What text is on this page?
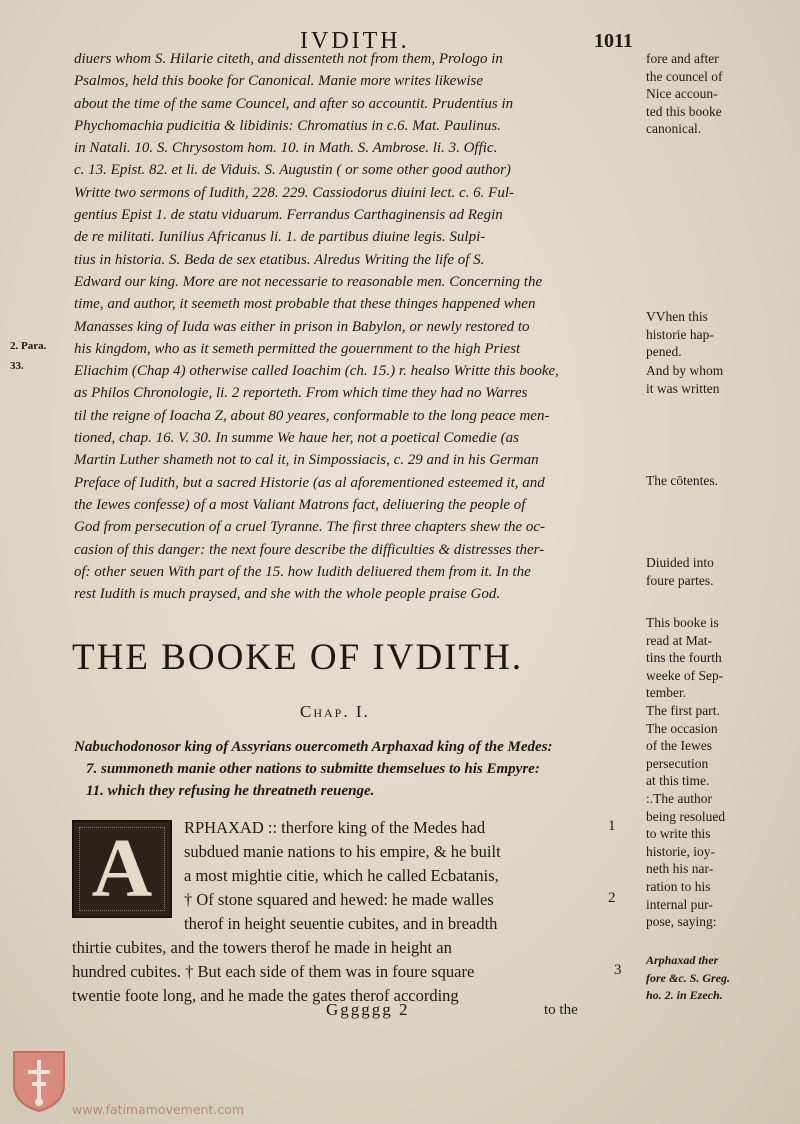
IVDITH.	1011
diuers whom S. Hilarie citeth, and dissenteth not from them, Prologo in
Psalmos, held this booke for Canonical. Manie more writes likewise
about the time of the same Councel, and after so accountit. Prudentius in
Phychomachia pudicitia & libidinis: Chromatius in c.6. Mat. Paulinus.
in Natali. 10. S. Chrysostom hom. 10. in Math. S. Ambrose. li. 3. Offic.
c. 13. Epist. 82. et li. de Viduis. S. Augustin ( or some other good author)
Writte two sermons of Iudith, 228. 229. Cassiodorus diuini lect. c. 6. Ful-
gentius Epist 1. de statu viduarum. Ferrandus Carthaginensis ad Regin
de re militati. Iunilius Africanus li. 1. de partibus diuine legis. Sulpi-
tius in historia. S. Beda de sex etatibus. Alredus Writing the life of S.
Edward our king. More are not necessarie to reasonable men. Concerning the
time, and author, it seemeth most probable that these thinges happened when
Manasses king of Iuda was either in prison in Babylon, or newly restored to
his kingdom, who as it semeth permitted the gouernment to the high Priest
Eliachim (Chap 4) otherwise called Ioachim (ch. 15.) r. healso Writte this booke,
as Philos Chronologie, li. 2 reporteth. From which time they had no Warres
til the reigne of Ioacha Z, about 80 yeares, conformable to the long peace men-
tioned, chap. 16. V. 30. In summe We haue her, not a poetical Comedie (as
Martin Luther shameth not to cal it, in Simpossiacis, c. 29 and in his German
Preface of Iudith, but a sacred Historie (as al aforementioned esteemed it, and
the Iewes confesse) of a most Valiant Matrons fact, deliuering the people of
God from persecution of a cruel Tyranne. The first three chapters shew the oc-
casion of this danger: the next foure describe the difficulties & distresses ther-
of: other seuen With part of the 15. how Iudith deliuered them from it. In the
rest Iudith is much praysed, and she with the whole people praise God.
2. Para.
33.

fore and after

the councel of

Nice accoun-

ted this booke

canonical.

VVhen this

historie hap-

pened.

And by whom

it was written

The cōtentes.

Diuided into

foure partes.

This booke is

read at Mat-

tins the fourth

weeke of Sep-

tember.

The first part.

The occasion

of the Iewes

persecution

at this time.

:.The author

being resolued

to write this

historie, ioy-

neth his nar-

ration to his

internal pur-

pose, saying:

Arphaxad ther

fore &c. S. Greg.

ho. 2. in Ezech.

THE BOOKE OF IVDITH.
Chap. I.

Nabuchodonosor king of Assyrians ouercometh Arphaxad king of the Medes:

7. summoneth manie other nations to submitte themselues to his Empyre:

11. which they refusing he threatneth reuenge.

A RPHAXAD :: therfore king of the Medes had
subdued manie nations to his empire, & he built
a most mightie citie, which he called Ecbatanis,
† Of stone squared and hewed: he made walles
therof in height seuentie cubites, and in breadth
thirtie cubites, and the towers therof he made in height an
hundred cubites. † But each side of them was in foure square
twentie foote long, and he made the gates therof according
1
2
3
Gggggg 2	to the
www.fatimamovement.com
